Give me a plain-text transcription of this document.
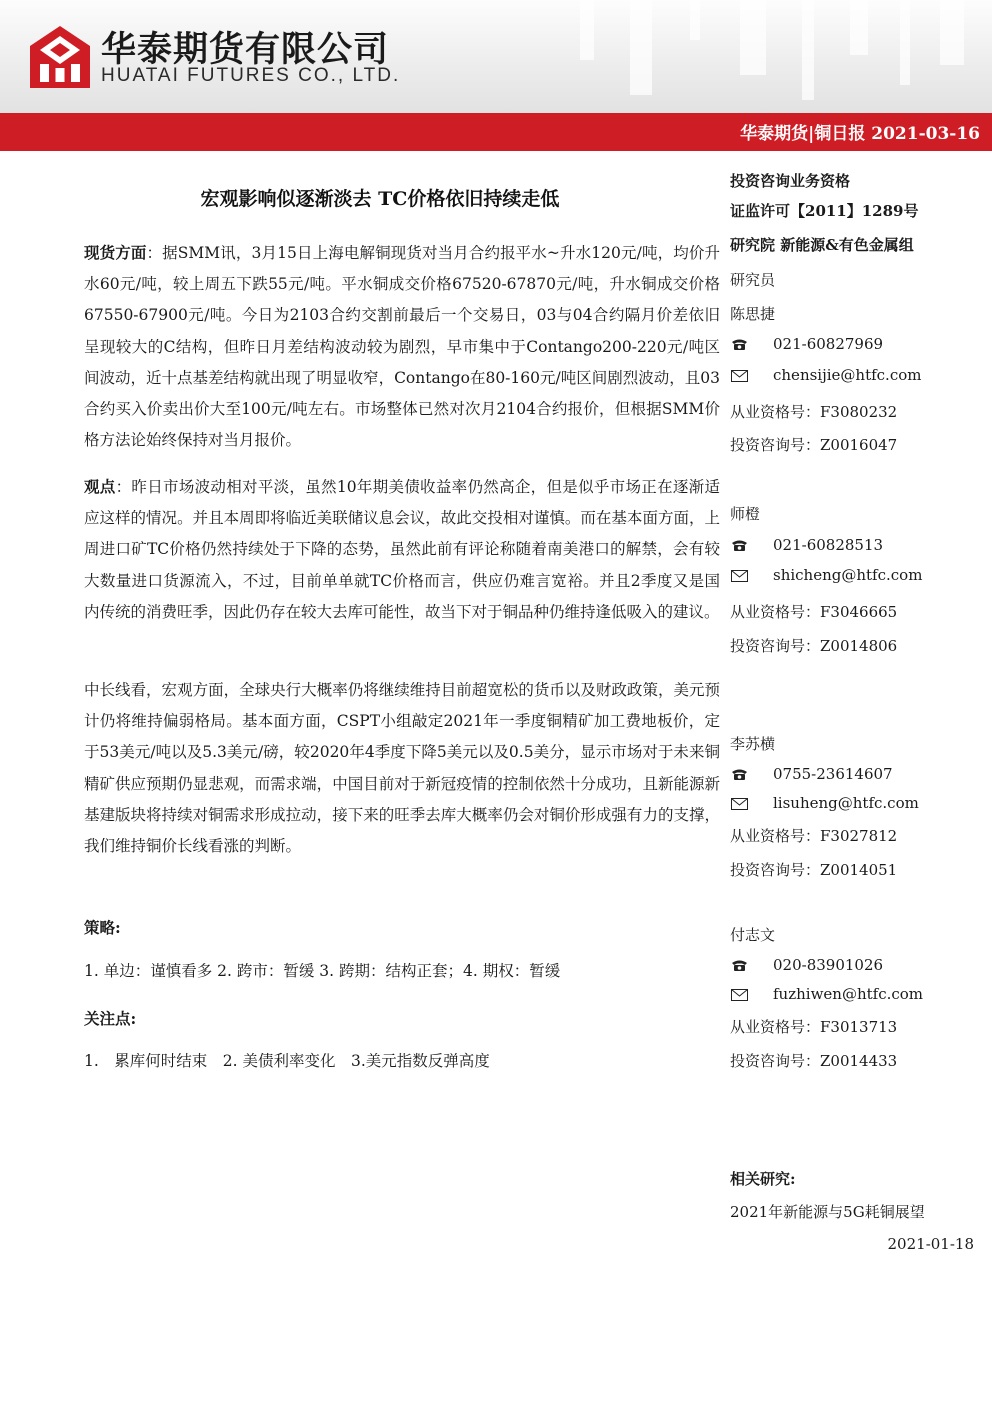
华泰期货有限公司
HUATAI FUTURES CO., LTD.
华泰期货|铜日报 2021-03-16
宏观影响似逐渐淡去 TC价格依旧持续走低

现货方面：据SMM讯，3月15日上海电解铜现货对当月合约报平水~升水120元/吨，均价升水60元/吨，较上周五下跌55元/吨。平水铜成交价格67520-67870元/吨，升水铜成交价格67550-67900元/吨。今日为2103合约交割前最后一个交易日，03与04合约隔月价差依旧呈现较大的C结构，但昨日月差结构波动较为剧烈，早市集中于Contango200-220元/吨区间波动，近十点基差结构就出现了明显收窄，Contango在80-160元/吨区间剧烈波动，且03合约买入价卖出价大至100元/吨左右。市场整体已然对次月2104合约报价，但根据SMM价格方法论始终保持对当月报价。

观点：昨日市场波动相对平淡，虽然10年期美债收益率仍然高企，但是似乎市场正在逐渐适应这样的情况。并且本周即将临近美联储议息会议，故此交投相对谨慎。而在基本面方面，上周进口矿TC价格仍然持续处于下降的态势，虽然此前有评论称随着南美港口的解禁，会有较大数量进口货源流入，不过，目前单单就TC价格而言，供应仍难言宽裕。并且2季度又是国内传统的消费旺季，因此仍存在较大去库可能性，故当下对于铜品种仍维持逢低吸入的建议。

中长线看，宏观方面，全球央行大概率仍将继续维持目前超宽松的货币以及财政政策，美元预计仍将维持偏弱格局。基本面方面，CSPT小组敲定2021年一季度铜精矿加工费地板价，定于53美元/吨以及5.3美元/磅，较2020年4季度下降5美元以及0.5美分，显示市场对于未来铜精矿供应预期仍显悲观，而需求端，中国目前对于新冠疫情的控制依然十分成功，且新能源新基建版块将持续对铜需求形成拉动，接下来的旺季去库大概率仍会对铜价形成强有力的支撑，我们维持铜价长线看涨的判断。

策略:
1. 单边：谨慎看多 2. 跨市：暂缓 3. 跨期：结构正套；4. 期权：暂缓
关注点:
1.　累库何时结束　2. 美债利率变化　3.美元指数反弹高度
投资咨询业务资格
证监许可【2011】1289号
研究院 新能源&有色金属组
研究员
陈思捷
021-60827969
chensijie@htfc.com
从业资格号：F3080232
投资咨询号：Z0016047
师橙
021-60828513
shicheng@htfc.com
从业资格号：F3046665
投资咨询号：Z0014806
李苏横
0755-23614607
lisuheng@htfc.com
从业资格号：F3027812
投资咨询号：Z0014051
付志文
020-83901026
fuzhiwen@htfc.com
从业资格号：F3013713
投资咨询号：Z0014433
相关研究:
2021年新能源与5G耗铜展望
2021-01-18
